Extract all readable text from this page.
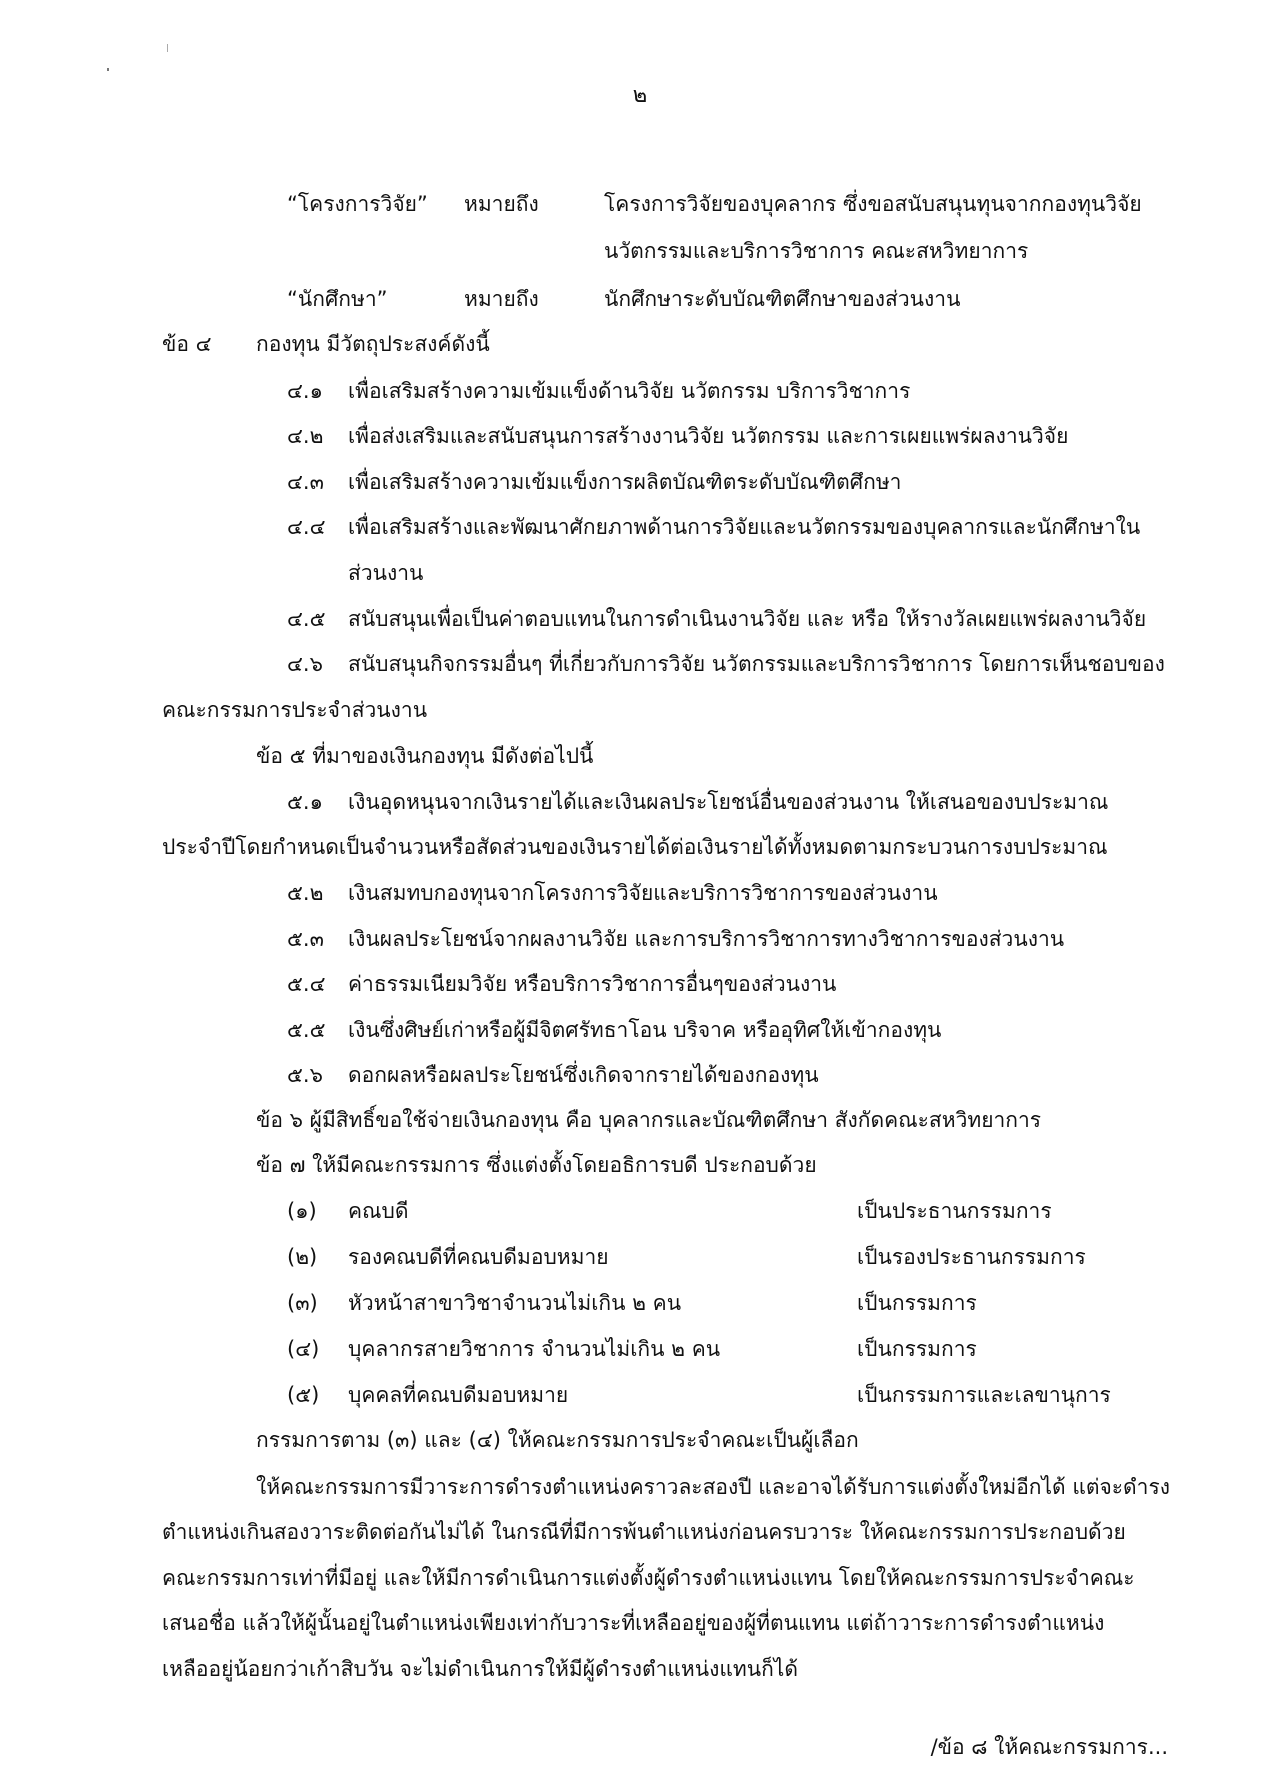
๒
“โครงการวิจัย” หมายถึง	โครงการวิจัยของบุคลากร ซึ่งขอสนับสนุนทุนจากกองทุนวิจัย
นวัตกรรมและบริการวิชาการ คณะสหวิทยาการ
“นักศึกษา”	หมายถึง	นักศึกษาระดับบัณฑิตศึกษาของส่วนงาน
ข้อ ๔ กองทุน มีวัตถุประสงค์ดังนี้
๔.๑ เพื่อเสริมสร้างความเข้มแข็งด้านวิจัย นวัตกรรม บริการวิชาการ
๔.๒ เพื่อส่งเสริมและสนับสนุนการสร้างงานวิจัย นวัตกรรม และการเผยแพร่ผลงานวิจัย
๔.๓ เพื่อเสริมสร้างความเข้มแข็งการผลิตบัณฑิตระดับบัณฑิตศึกษา
๔.๔ เพื่อเสริมสร้างและพัฒนาศักยภาพด้านการวิจัยและนวัตกรรมของบุคลากรและนักศึกษาใน
ส่วนงาน
๔.๕ สนับสนุนเพื่อเป็นค่าตอบแทนในการดำเนินงานวิจัย และ หรือ ให้รางวัลเผยแพร่ผลงานวิจัย
๔.๖ สนับสนุนกิจกรรมอื่นๆ ที่เกี่ยวกับการวิจัย นวัตกรรมและบริการวิชาการ โดยการเห็นชอบของ
คณะกรรมการประจำส่วนงาน
ข้อ ๕ ที่มาของเงินกองทุน มีดังต่อไปนี้
๕.๑ เงินอุดหนุนจากเงินรายได้และเงินผลประโยชน์อื่นของส่วนงาน ให้เสนอของบประมาณ
ประจำปีโดยกำหนดเป็นจำนวนหรือสัดส่วนของเงินรายได้ต่อเงินรายได้ทั้งหมดตามกระบวนการงบประมาณ
๕.๒ เงินสมทบกองทุนจากโครงการวิจัยและบริการวิชาการของส่วนงาน
๕.๓ เงินผลประโยชน์จากผลงานวิจัย และการบริการวิชาการทางวิชาการของส่วนงาน
๕.๔ ค่าธรรมเนียมวิจัย หรือบริการวิชาการอื่นๆของส่วนงาน
๕.๕ เงินซึ่งศิษย์เก่าหรือผู้มีจิตศรัทธาโอน บริจาค หรืออุทิศให้เข้ากองทุน
๕.๖ ดอกผลหรือผลประโยชน์ซึ่งเกิดจากรายได้ของกองทุน
ข้อ ๖ ผู้มีสิทธิ์ขอใช้จ่ายเงินกองทุน คือ บุคลากรและบัณฑิตศึกษา สังกัดคณะสหวิทยาการ
ข้อ ๗ ให้มีคณะกรรมการ ซึ่งแต่งตั้งโดยอธิการบดี ประกอบด้วย
(๑) คณบดี	เป็นประธานกรรมการ
(๒) รองคณบดีที่คณบดีมอบหมาย	เป็นรองประธานกรรมการ
(๓) หัวหน้าสาขาวิชาจำนวนไม่เกิน ๒ คน	เป็นกรรมการ
(๔) บุคลากรสายวิชาการ จำนวนไม่เกิน ๒ คน	เป็นกรรมการ
(๕) บุคคลที่คณบดีมอบหมาย	เป็นกรรมการและเลขานุการ
กรรมการตาม (๓) และ (๔) ให้คณะกรรมการประจำคณะเป็นผู้เลือก
ให้คณะกรรมการมีวาระการดำรงตำแหน่งคราวละสองปี และอาจได้รับการแต่งตั้งใหม่อีกได้ แต่จะดำรง
ตำแหน่งเกินสองวาระติดต่อกันไม่ได้ ในกรณีที่มีการพ้นตำแหน่งก่อนครบวาระ ให้คณะกรรมการประกอบด้วย
คณะกรรมการเท่าที่มีอยู่ และให้มีการดำเนินการแต่งตั้งผู้ดำรงตำแหน่งแทน โดยให้คณะกรรมการประจำคณะ
เสนอชื่อ แล้วให้ผู้นั้นอยู่ในตำแหน่งเพียงเท่ากับวาระที่เหลืออยู่ของผู้ที่ตนแทน แต่ถ้าวาระการดำรงตำแหน่ง
เหลืออยู่น้อยกว่าเก้าสิบวัน จะไม่ดำเนินการให้มีผู้ดำรงตำแหน่งแทนก็ได้
/ข้อ ๘ ให้คณะกรรมการ...
